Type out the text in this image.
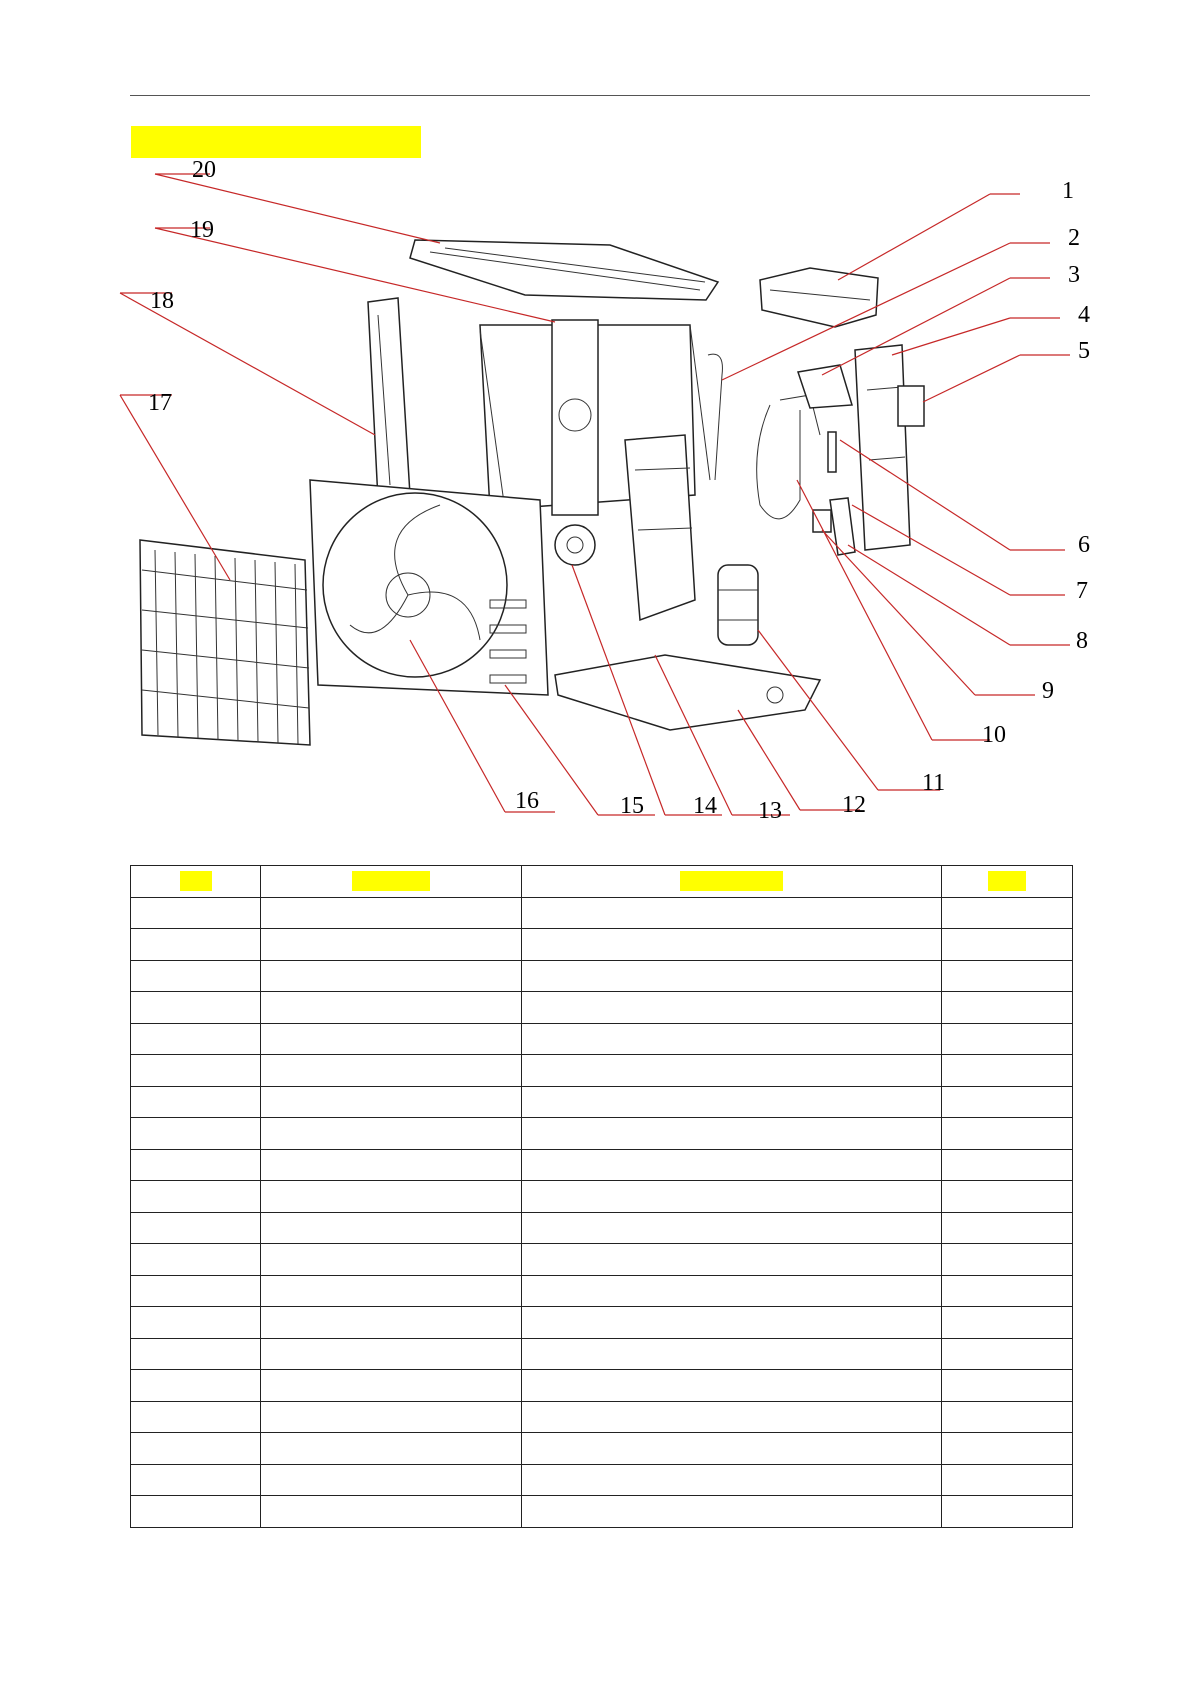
1
2
3
4
5
6
7
8
9
10
11
12
13
14
15
16
17
18
19
20
